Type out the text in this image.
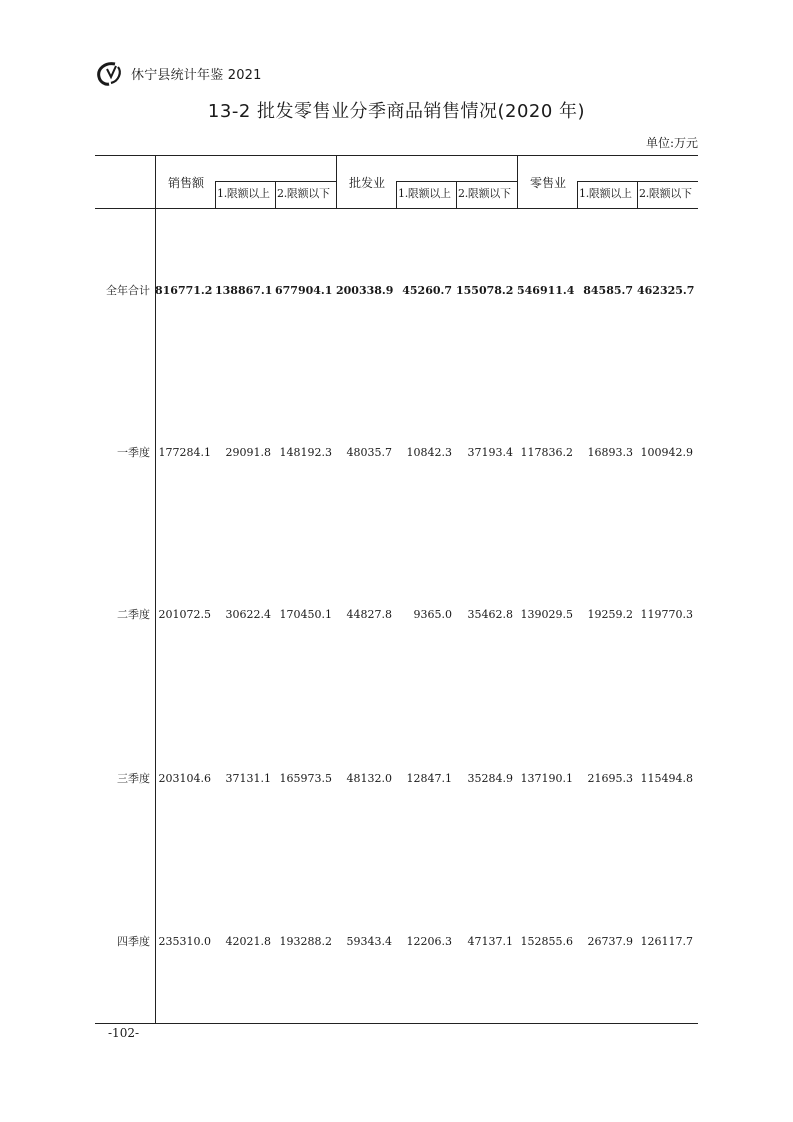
休宁县统计年鉴 2021
13-2 批发零售业分季商品销售情况(2020 年)
单位:万元
销售额	批发业	零售业
1.限额以上 2.限额以下	1.限额以上 2.限额以下	1.限额以上 2.限额以下
全年合计 816771.2 138867.1 677904.1 200338.9 45260.7 155078.2 546911.4 84585.7 462325.7
一季度 177284.1	29091.8 148192.3	48035.7	10842.3	37193.4 117836.2	16893.3 100942.9
二季度 201072.5	30622.4 170450.1	44827.8	9365.0	35462.8 139029.5	19259.2 119770.3
三季度 203104.6	37131.1 165973.5	48132.0	12847.1	35284.9 137190.1	21695.3 115494.8
四季度 235310.0	42021.8 193288.2	59343.4	12206.3	47137.1 152855.6	26737.9 126117.7
-102-
